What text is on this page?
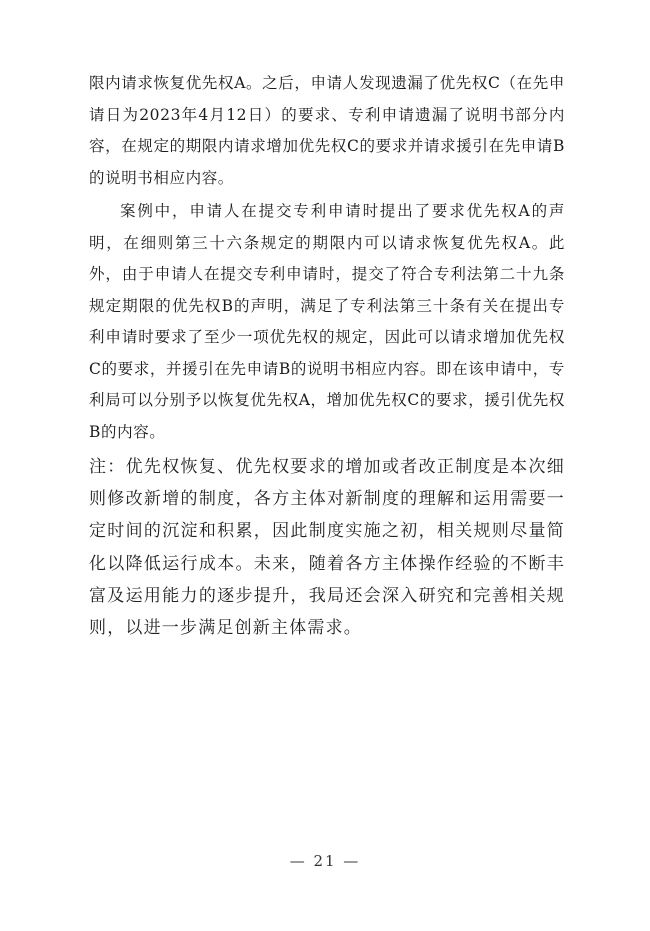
限内请求恢复优先权A。之后，申请人发现遗漏了优先权C（在先申请日为2023年4月12日）的要求、专利申请遗漏了说明书部分内容，在规定的期限内请求增加优先权C的要求并请求援引在先申请B的说明书相应内容。

案例中，申请人在提交专利申请时提出了要求优先权A的声明，在细则第三十六条规定的期限内可以请求恢复优先权A。此外，由于申请人在提交专利申请时，提交了符合专利法第二十九条规定期限的优先权B的声明，满足了专利法第三十条有关在提出专利申请时要求了至少一项优先权的规定，因此可以请求增加优先权C的要求，并援引在先申请B的说明书相应内容。即在该申请中，专利局可以分别予以恢复优先权A，增加优先权C的要求，援引优先权B的内容。

注：优先权恢复、优先权要求的增加或者改正制度是本次细则修改新增的制度，各方主体对新制度的理解和运用需要一定时间的沉淀和积累，因此制度实施之初，相关规则尽量简化以降低运行成本。未来，随着各方主体操作经验的不断丰富及运用能力的逐步提升，我局还会深入研究和完善相关规则，以进一步满足创新主体需求。

— 21 —
